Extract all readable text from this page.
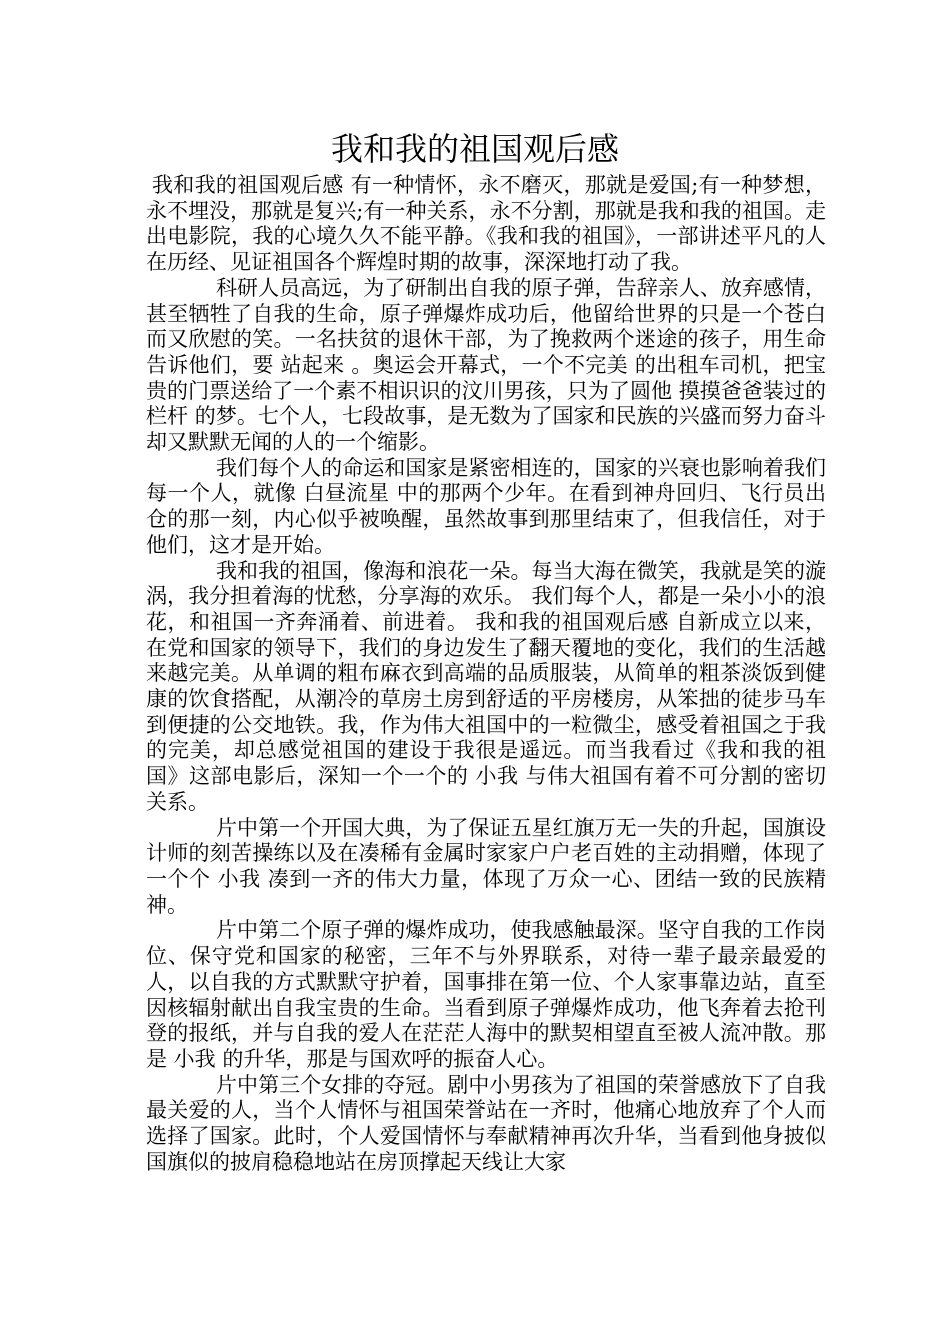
我和我的祖国观后感

我和我的祖国观后感 有一种情怀，永不磨灭，那就是爱国;有一种梦想，永不埋没，那就是复兴;有一种关系，永不分割，那就是我和我的祖国。走出电影院，我的心境久久不能平静。《我和我的祖国》，一部讲述平凡的人在历经、见证祖国各个辉煌时期的故事，深深地打动了我。

科研人员高远，为了研制出自我的原子弹，告辞亲人、放弃感情，甚至牺牲了自我的生命，原子弹爆炸成功后，他留给世界的只是一个苍白而又欣慰的笑。一名扶贫的退休干部，为了挽救两个迷途的孩子，用生命告诉他们，要 站起来 。奥运会开幕式，一个不完美 的出租车司机，把宝贵的门票送给了一个素不相识识的汶川男孩，只为了圆他 摸摸爸爸装过的栏杆 的梦。七个人，七段故事，是无数为了国家和民族的兴盛而努力奋斗却又默默无闻的人的一个缩影。

我们每个人的命运和国家是紧密相连的，国家的兴衰也影响着我们每一个人，就像 白昼流星 中的那两个少年。在看到神舟回归、飞行员出仓的那一刻，内心似乎被唤醒，虽然故事到那里结束了，但我信任，对于他们，这才是开始。

我和我的祖国，像海和浪花一朵。每当大海在微笑，我就是笑的漩涡，我分担着海的忧愁，分享海的欢乐。 我们每个人，都是一朵小小的浪花，和祖国一齐奔涌着、前进着。 我和我的祖国观后感 自新成立以来，在党和国家的领导下，我们的身边发生了翻天覆地的变化，我们的生活越来越完美。从单调的粗布麻衣到高端的品质服装，从简单的粗茶淡饭到健康的饮食搭配，从潮冷的草房土房到舒适的平房楼房，从笨拙的徒步马车到便捷的公交地铁。我，作为伟大祖国中的一粒微尘，感受着祖国之于我的完美，却总感觉祖国的建设于我很是遥远。而当我看过《我和我的祖国》这部电影后，深知一个一个的 小我 与伟大祖国有着不可分割的密切关系。

片中第一个开国大典，为了保证五星红旗万无一失的升起，国旗设计师的刻苦操练以及在凑稀有金属时家家户户老百姓的主动捐赠，体现了一个个 小我 凑到一齐的伟大力量，体现了万众一心、团结一致的民族精神。

片中第二个原子弹的爆炸成功，使我感触最深。坚守自我的工作岗位、保守党和国家的秘密，三年不与外界联系，对待一辈子最亲最爱的人，以自我的方式默默守护着，国事排在第一位、个人家事靠边站，直至因核辐射献出自我宝贵的生命。当看到原子弹爆炸成功，他飞奔着去抢刊登的报纸，并与自我的爱人在茫茫人海中的默契相望直至被人流冲散。那是 小我 的升华，那是与国欢呼的振奋人心。

片中第三个女排的夺冠。剧中小男孩为了祖国的荣誉感放下了自我最关爱的人，当个人情怀与祖国荣誉站在一齐时，他痛心地放弃了个人而选择了国家。此时，个人爱国情怀与奉献精神再次升华，当看到他身披似国旗似的披肩稳稳地站在房顶撑起天线让大家
